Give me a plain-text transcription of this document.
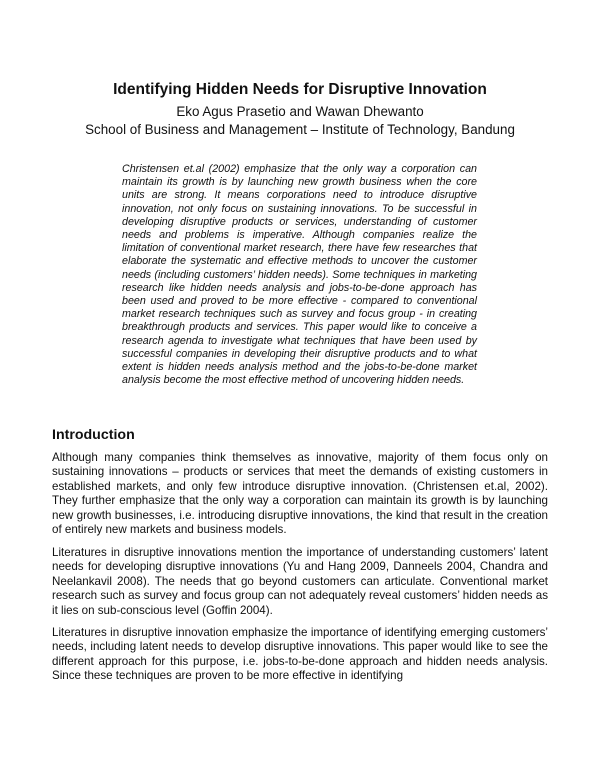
Identifying Hidden Needs for Disruptive Innovation
Eko Agus Prasetio and Wawan Dhewanto
School of Business and Management – Institute of Technology, Bandung

Christensen et.al (2002) emphasize that the only way a corporation can maintain its growth is by launching new growth business when the core units are strong. It means corporations need to introduce disruptive innovation, not only focus on sustaining innovations. To be successful in developing disruptive products or services, understanding of customer needs and problems is imperative. Although companies realize the limitation of conventional market research, there have few researches that elaborate the systematic and effective methods to uncover the customer needs (including customers’ hidden needs). Some techniques in marketing research like hidden needs analysis and jobs-to-be-done approach has been used and proved to be more effective - compared to conventional market research techniques such as survey and focus group - in creating breakthrough products and services. This paper would like to conceive a research agenda to investigate what techniques that have been used by successful companies in developing their disruptive products and to what extent is hidden needs analysis method and the jobs-to-be-done market analysis become the most effective method of uncovering hidden needs.

Introduction

Although many companies think themselves as innovative, majority of them focus only on sustaining innovations – products or services that meet the demands of existing customers in established markets, and only few introduce disruptive innovation. (Christensen et.al, 2002). They further emphasize that the only way a corporation can maintain its growth is by launching new growth businesses, i.e. introducing disruptive innovations, the kind that result in the creation of entirely new markets and business models.

Literatures in disruptive innovations mention the importance of understanding customers’ latent needs for developing disruptive innovations (Yu and Hang 2009, Danneels 2004, Chandra and Neelankavil 2008). The needs that go beyond customers can articulate. Conventional market research such as survey and focus group can not adequately reveal customers’ hidden needs as it lies on sub-conscious level (Goffin 2004).

Literatures in disruptive innovation emphasize the importance of identifying emerging customers’ needs, including latent needs to develop disruptive innovations. This paper would like to see the different approach for this purpose, i.e. jobs-to-be-done approach and hidden needs analysis. Since these techniques are proven to be more effective in identifying
